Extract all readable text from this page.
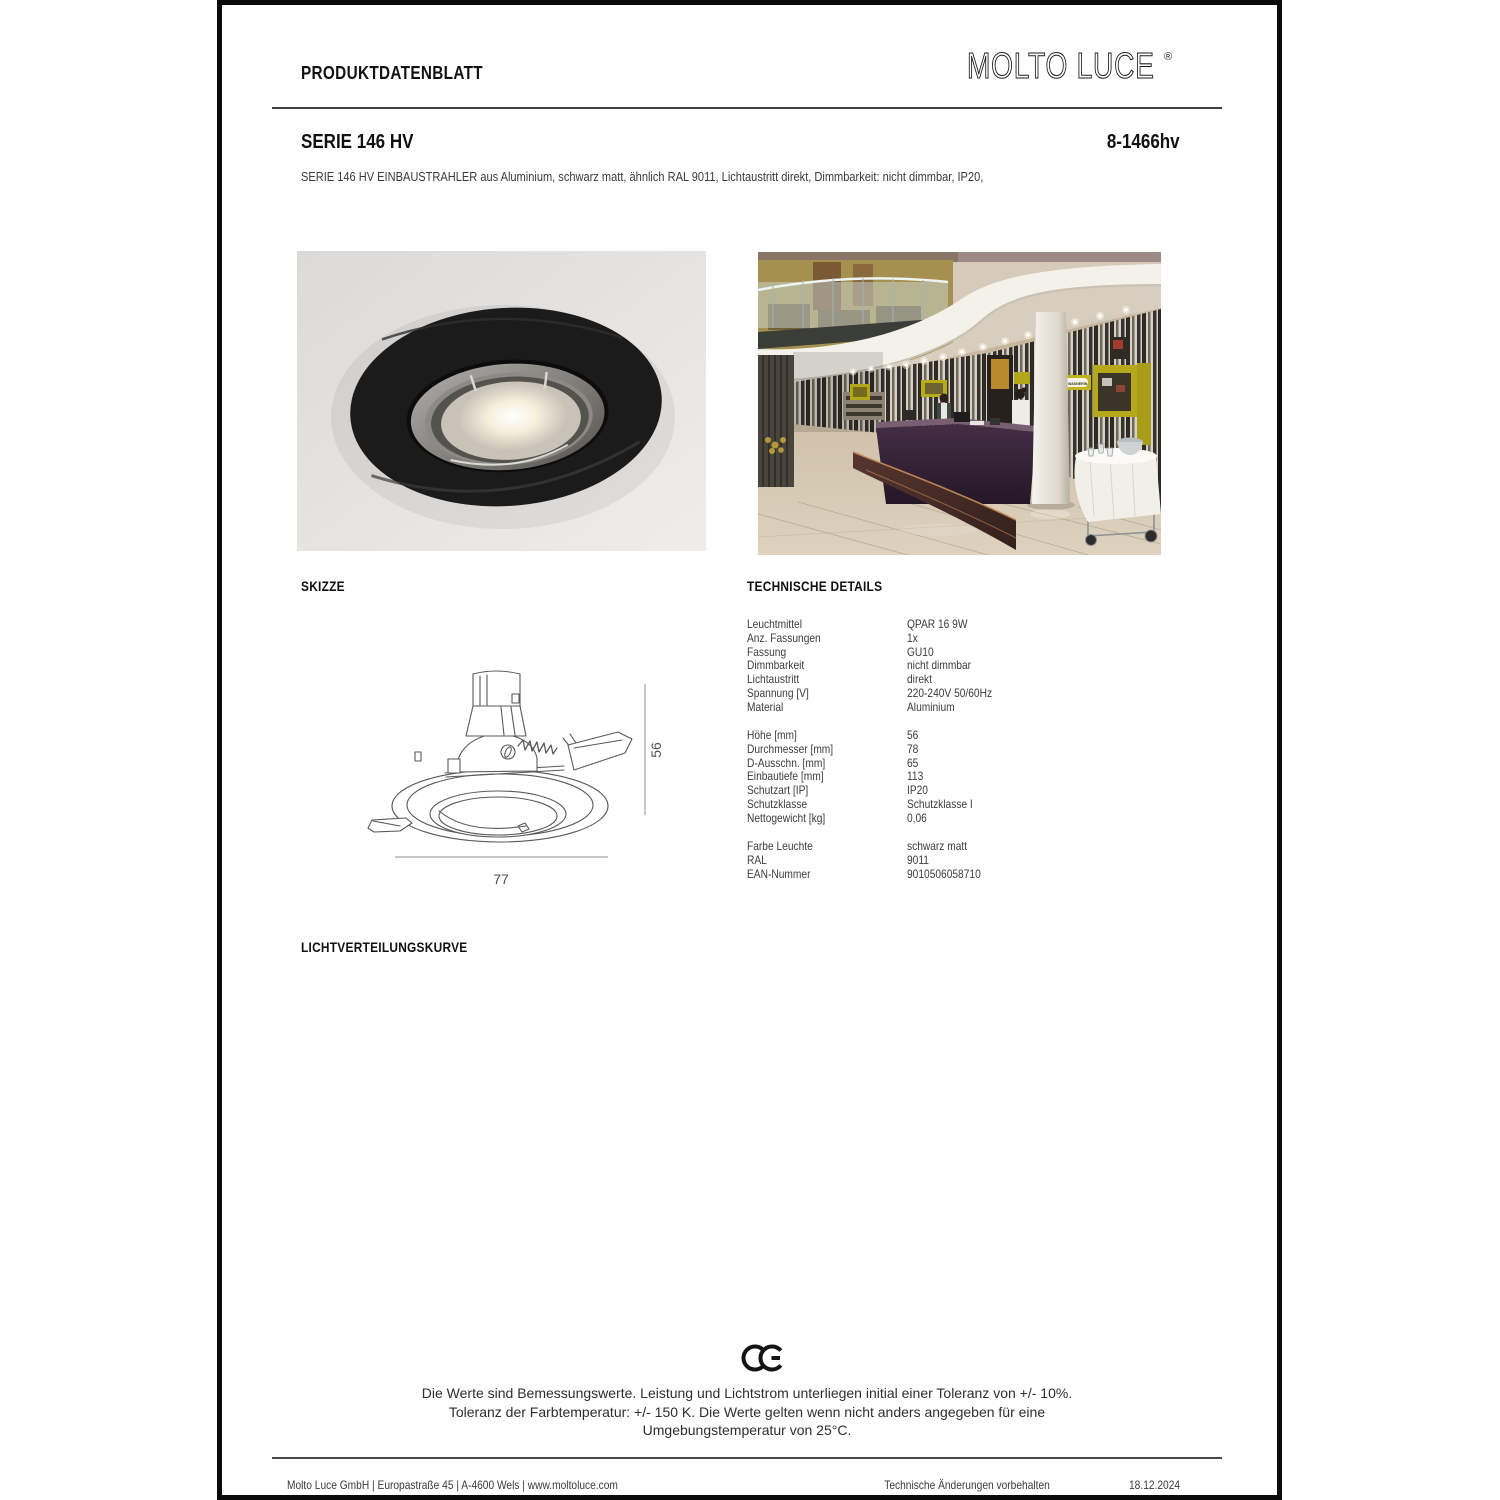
PRODUKTDATENBLATT	MOLTO LUCE ®
SERIE 146 HV	8-1466hv
SERIE 146 HV EINBAUSTRAHLER aus Aluminium, schwarz matt, ähnlich RAL 9011, Lichtaustritt direkt, Dimmbarkeit: nicht dimmbar, IP20,
WASNERIN
SKIZZE	TECHNISCHE DETAILS
Leuchtmittel	QPAR 16 9W
Anz. Fassungen	1x
Fassung	GU10
Dimmbarkeit	nicht dimmbar
Lichtaustritt	direkt
Spannung [V]	220-240V 50/60Hz
Material	Aluminium
Höhe [mm]	56
Durchmesser [mm]	78
D-Ausschn. [mm]	65
Einbautiefe [mm]	113
Schutzart [IP]	IP20
Schutzklasse	Schutzklasse I
Nettogewicht [kg]	0,06
Farbe Leuchte	schwarz matt
RAL	9011
EAN-Nummer	9010506058710
56
77
LICHTVERTEILUNGSKURVE
Die Werte sind Bemessungswerte. Leistung und Lichtstrom unterliegen initial einer Toleranz von +/- 10%.
Toleranz der Farbtemperatur: +/- 150 K. Die Werte gelten wenn nicht anders angegeben für eine
Umgebungstemperatur von 25°C.
Molto Luce GmbH | Europastraße 45 | A-4600 Wels | www.moltoluce.com	Technische Änderungen vorbehalten	18.12.2024
